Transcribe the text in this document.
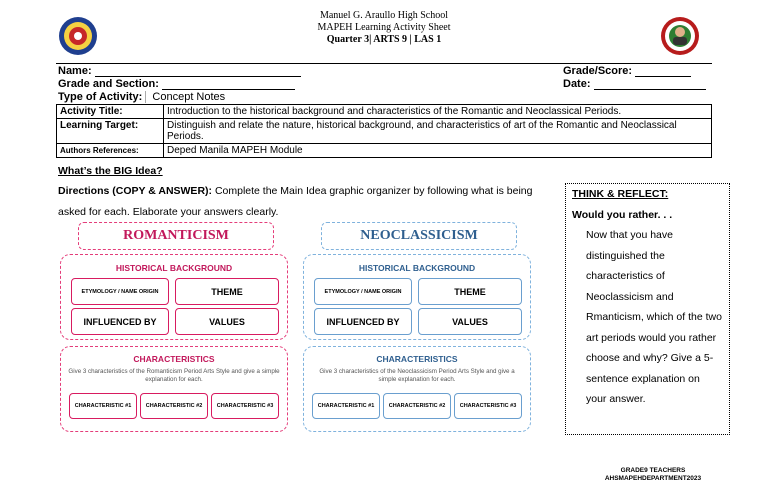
Manuel G. Araullo High School
MAPEH Learning Activity Sheet
Quarter 3| ARTS 9 | LAS 1
Name:
Grade and Section:
Type of Activity: Concept Notes
Grade/Score:
Date:
Activity Title:	Introduction to the historical background and characteristics of the Romantic and Neoclassical Periods.
Learning Target:	Distinguish and relate the nature, historical background, and characteristics of art of the Romantic and Neoclassical Periods.
Authors References:	Deped Manila MAPEH Module
What’s the BIG Idea?
Directions (COPY & ANSWER): Complete the Main Idea graphic organizer by following what is being asked for each. Elaborate your answers clearly.
ROMANTICISM
HISTORICAL BACKGROUND
ETYMOLOGY / NAME ORIGIN	THEME
INFLUENCED BY	VALUES
CHARACTERISTICS
Give 3 characteristics of the Romanticism Period Arts Style and give a simple explanation for each.
CHARACTERISTIC #1	CHARACTERISTIC #2	CHARACTERISTIC #3
NEOCLASSICISM
HISTORICAL BACKGROUND
ETYMOLOGY / NAME ORIGIN	THEME
INFLUENCED BY	VALUES
CHARACTERISTICS
Give 3 characteristics of the Neoclassicism Period Arts Style and give a simple explanation for each.
CHARACTERISTIC #1	CHARACTERISTIC #2	CHARACTERISTIC #3

THINK & REFLECT:

Would you rather. . .

Now that you have distinguished the characteristics of Neoclassicism and Rmanticism, which of the two art periods would you rather choose and why? Give a 5-sentence explanation on your answer.

GRADE9 TEACHERS
AHSMAPEHDEPARTMENT2023
